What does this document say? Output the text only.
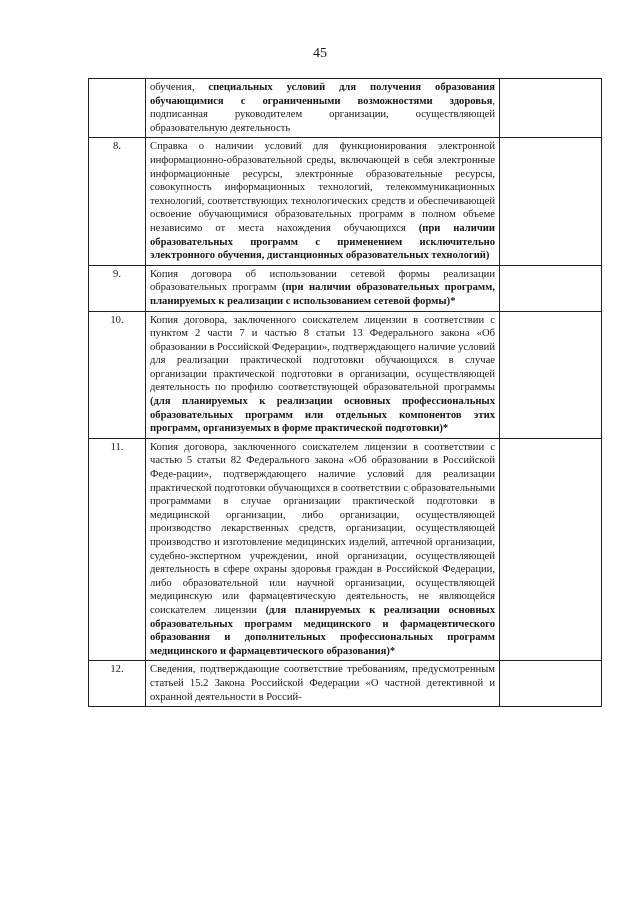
45
	обучения, специальных условий для получения образования обучающимися с ограниченными возможностями здоровья, подписанная руководителем организации, осуществляющей образовательную деятельность	
8.	Справка о наличии условий для функционирования электронной информационно-образовательной среды, включающей в себя электронные информационные ресурсы, электронные образовательные ресурсы, совокупность информационных технологий, телекоммуникационных технологий, соответствующих технологических средств и обеспечивающей освоение обучающимися образовательных программ в полном объеме независимо от места нахождения обучающихся (при наличии образовательных программ с применением исключительно электронного обучения, дистанционных образовательных технологий)	
9.	Копия договора об использовании сетевой формы реализации образовательных программ (при наличии образовательных программ, планируемых к реализации с использованием сетевой формы)*	
10.	Копия договора, заключенного соискателем лицензии в соответствии с пунктом 2 части 7 и частью 8 статьи 13 Федерального закона «Об образовании в Российской Федерации», подтверждающего наличие условий для реализации практической подготовки обучающихся в случае организации практической подготовки в организации, осуществляющей деятельность по профилю соответствующей образовательной программы (для планируемых к реализации основных профессиональных образовательных программ или отдельных компонентов этих программ, организуемых в форме практической подготовки)*	
11.	Копия договора, заключенного соискателем лицензии в соответствии с частью 5 статьи 82 Федерального закона «Об образовании в Российской Феде-рации», подтверждающего наличие условий для реализации практической подготовки обучающихся в соответствии с образовательными программами в случае организации практической подготовки в медицинской организации, либо организации, осуществляющей производство лекарственных средств, организации, осуществляющей производство и изготовление медицинских изделий, аптечной организации, судебно-экспертном учреждении, иной организации, осуществляющей деятельность в сфере охраны здоровья граждан в Российской Федерации, либо образовательной или научной организации, осуществляющей медицинскую или фармацевтическую деятельность, не являющейся соискателем лицензии (для планируемых к реализации основных образовательных программ медицинского и фармацевтического образования и дополнительных профессиональных программ медицинского и фармацевтического образования)*	
12.	Сведения, подтверждающие соответствие требованиям, предусмотренным статьей 15.2 Закона Российской Федерации «О частной детективной и охранной деятельности в Россий-	
